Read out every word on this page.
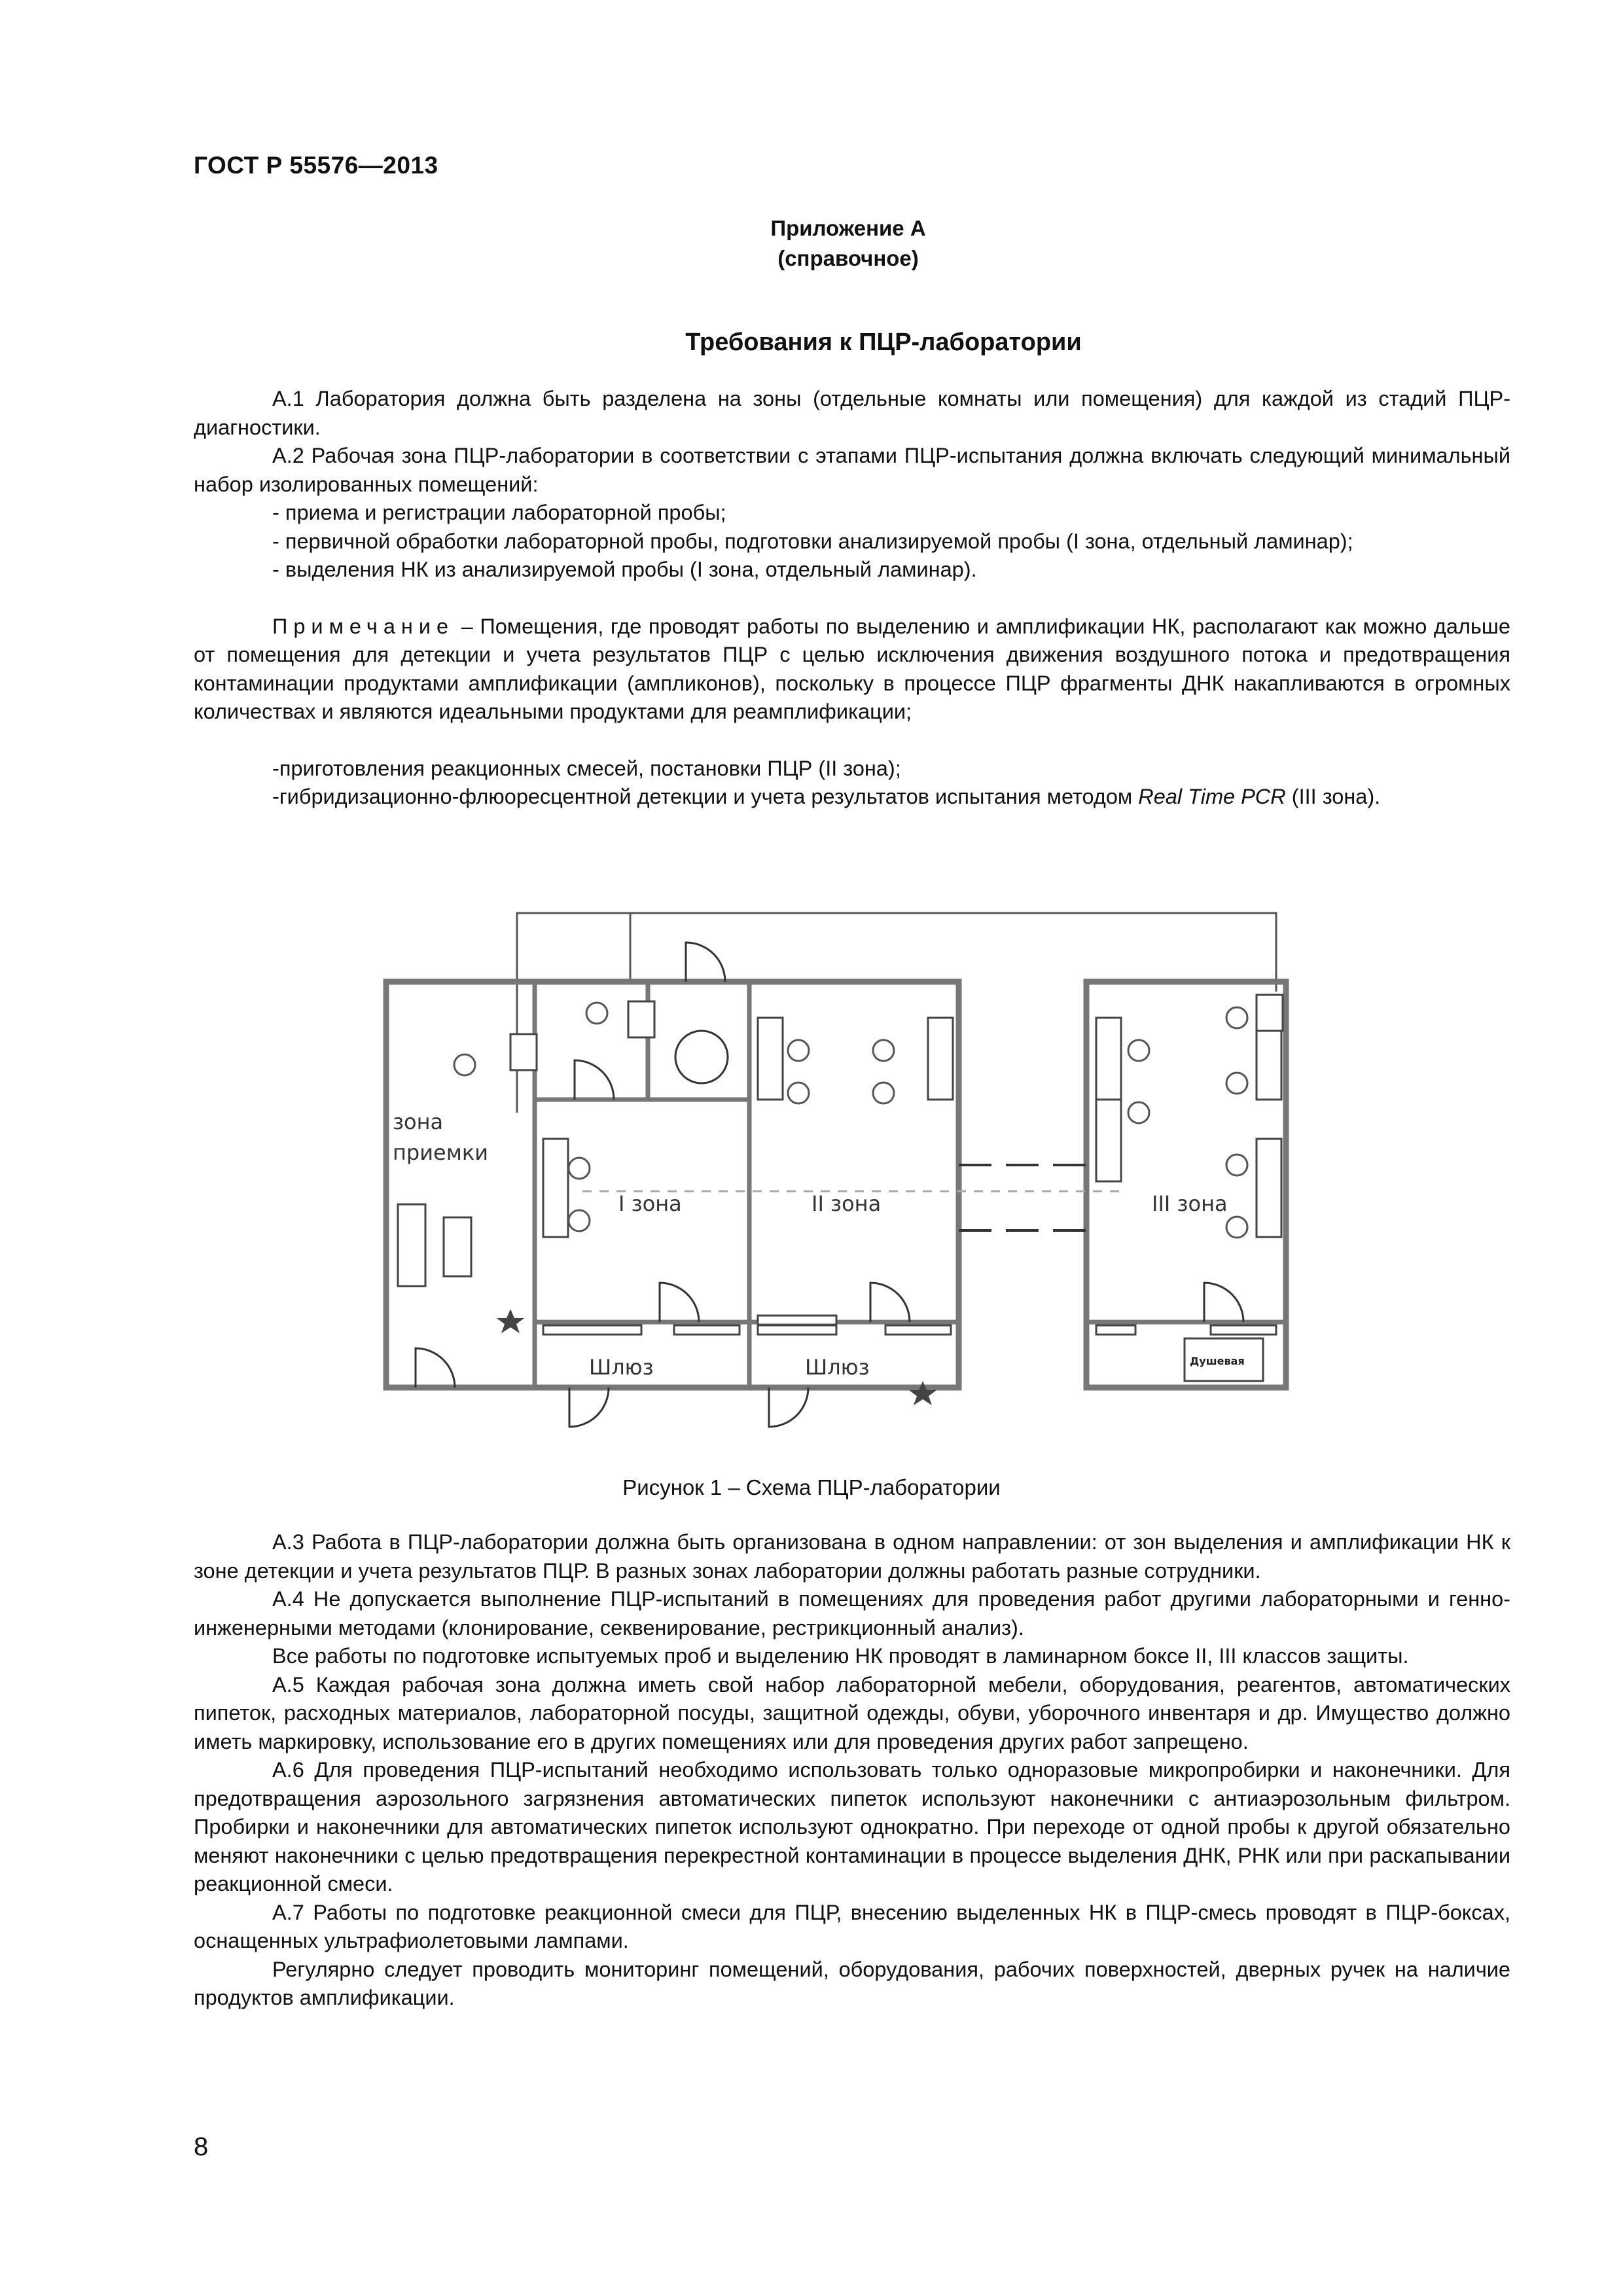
ГОСТ Р 55576—2013
Приложение А
(справочное)
Требования к ПЦР-лаборатории

А.1 Лаборатория должна быть разделена на зоны (отдельные комнаты или помещения) для каждой из стадий ПЦР-диагностики.

А.2 Рабочая зона ПЦР-лаборатории в соответствии с этапами ПЦР-испытания должна включать следующий минимальный набор изолированных помещений:

- приема и регистрации лабораторной пробы;

- первичной обработки лабораторной пробы, подготовки анализируемой пробы (I зона, отдельный ламинар);

- выделения НК из анализируемой пробы (I зона, отдельный ламинар).

Примечание – Помещения, где проводят работы по выделению и амплификации НК, располагают как можно дальше от помещения для детекции и учета результатов ПЦР с целью исключения движения воздушного потока и предотвращения контаминации продуктами амплификации (ампликонов), поскольку в процессе ПЦР фрагменты ДНК накапливаются в огромных количествах и являются идеальными продуктами для реамплификации;

-приготовления реакционных смесей, постановки ПЦР (II зона);

-гибридизационно-флюоресцентной детекции и учета результатов испытания методом Real Time PCR (III зона).

зона
приемки
I зона	II зона	III зона
Шлюз	Шлюз	Душевая
Рисунок 1 – Схема ПЦР-лаборатории

А.3 Работа в ПЦР-лаборатории должна быть организована в одном направлении: от зон выделения и амплификации НК к зоне детекции и учета результатов ПЦР. В разных зонах лаборатории должны работать разные сотрудники.

А.4 Не допускается выполнение ПЦР-испытаний в помещениях для проведения работ другими лабораторными и генно-инженерными методами (клонирование, секвенирование, рестрикционный анализ).

Все работы по подготовке испытуемых проб и выделению НК проводят в ламинарном боксе II, III классов защиты.

А.5 Каждая рабочая зона должна иметь свой набор лабораторной мебели, оборудования, реагентов, автоматических пипеток, расходных материалов, лабораторной посуды, защитной одежды, обуви, уборочного инвентаря и др. Имущество должно иметь маркировку, использование его в других помещениях или для проведения других работ запрещено.

А.6 Для проведения ПЦР-испытаний необходимо использовать только одноразовые микропробирки и наконечники. Для предотвращения аэрозольного загрязнения автоматических пипеток используют наконечники с антиаэрозольным фильтром. Пробирки и наконечники для автоматических пипеток используют однократно. При переходе от одной пробы к другой обязательно меняют наконечники с целью предотвращения перекрестной контаминации в процессе выделения ДНК, РНК или при раскапывании реакционной смеси.

А.7 Работы по подготовке реакционной смеси для ПЦР, внесению выделенных НК в ПЦР-смесь проводят в ПЦР-боксах, оснащенных ультрафиолетовыми лампами.

Регулярно следует проводить мониторинг помещений, оборудования, рабочих поверхностей, дверных ручек на наличие продуктов амплификации.

8
